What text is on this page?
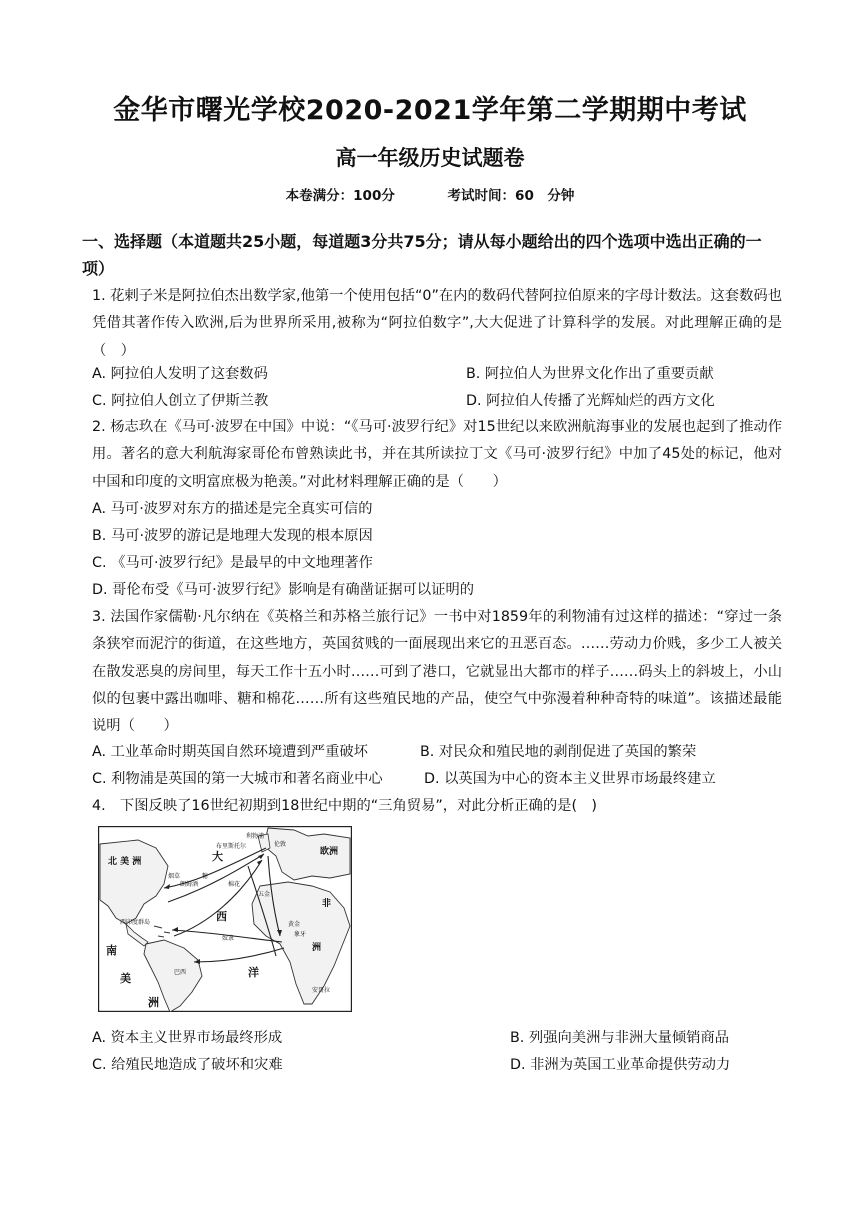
金华市曙光学校2020-2021学年第二学期期中考试
高一年级历史试题卷
本卷满分：100分	考试时间：60　分钟
一、选择题（本道题共25小题，每道题3分共75分；请从每小题给出的四个选项中选出正确的一项）
1. 花剌子米是阿拉伯杰出数学家,他第一个使用包括“0”在内的数码代替阿拉伯原来的字母计数法。这套数码也凭借其著作传入欧洲,后为世界所采用,被称为“阿拉伯数字”,大大促进了计算科学的发展。对此理解正确的是（　）
A. 阿拉伯人发明了这套数码	B. 阿拉伯人为世界文化作出了重要贡献
C. 阿拉伯人创立了伊斯兰教	D. 阿拉伯人传播了光辉灿烂的西方文化
2. 杨志玖在《马可·波罗在中国》中说：“《马可·波罗行纪》对15世纪以来欧洲航海事业的发展也起到了推动作用。著名的意大利航海家哥伦布曾熟读此书，并在其所读拉丁文《马可·波罗行纪》中加了45处的标记，他对中国和印度的文明富庶极为艳羡。”对此材料理解正确的是（　　）
A. 马可·波罗对东方的描述是完全真实可信的
B. 马可·波罗的游记是地理大发现的根本原因
C. 《马可·波罗行纪》是最早的中文地理著作
D. 哥伦布受《马可·波罗行纪》影响是有确凿证据可以证明的
3. 法国作家儒勒·凡尔纳在《英格兰和苏格兰旅行记》一书中对1859年的利物浦有过这样的描述：“穿过一条条狭窄而泥泞的街道，在这些地方，英国贫贱的一面展现出来它的丑恶百态。……劳动力价贱，多少工人被关在散发恶臭的房间里，每天工作十五小时……可到了港口，它就显出大都市的样子……码头上的斜坡上，小山似的包裹中露出咖啡、糖和棉花……所有这些殖民地的产品，使空气中弥漫着种种奇特的味道”。该描述最能说明（　　）
A. 工业革命时期英国自然环境遭到严重破坏	B. 对民众和殖民地的剥削促进了英国的繁荣
C. 利物浦是英国的第一大城市和著名商业中心	D. 以英国为中心的资本主义世界市场最终建立
4.　下图反映了16世纪初期到18世纪中期的“三角贸易”，对此分析正确的是(　)
北 美 洲	大	欧洲
西
非
洲
南
美
洲
洋
利物浦
布里斯托尔	伦敦
烟草	糖
朗姆酒	棉花
奴隶
五金
黄金
象牙
西印度群岛
巴西
安哥拉
A. 资本主义世界市场最终形成	B. 列强向美洲与非洲大量倾销商品
C. 给殖民地造成了破坏和灾难	D. 非洲为英国工业革命提供劳动力
